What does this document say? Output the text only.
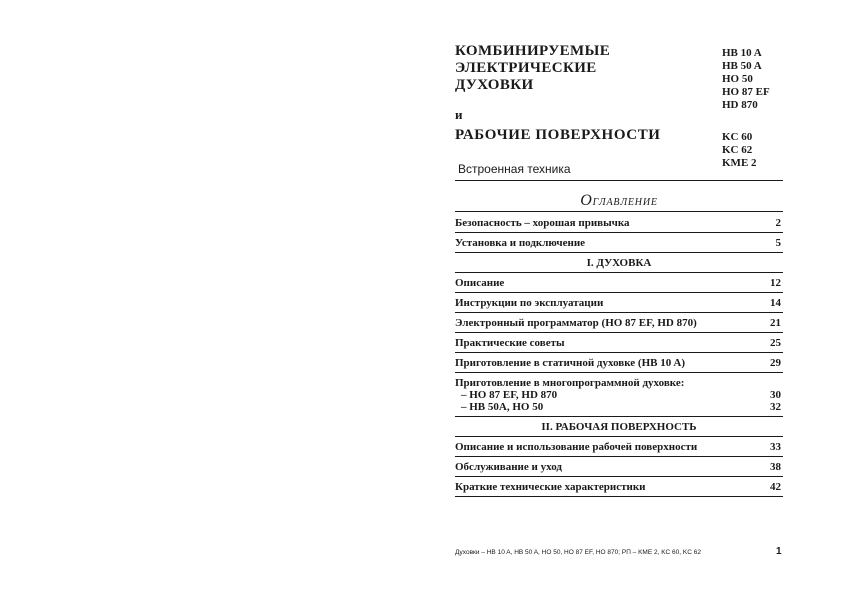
КОМБИНИРУЕМЫЕ
ЭЛЕКТРИЧЕСКИЕ
ДУХОВКИ
и
РАБОЧИЕ ПОВЕРХНОСТИ
Встроенная техника
HB 10 A
HB 50 A
HO 50
HO 87 EF
HD 870
KC 60
KC 62
KME 2
ОГЛАВЛЕНИЕ
Безопасность – хорошая привычка	2
Установка и подключение	5
I. ДУХОВКА
Описание	12
Инструкции по эксплуатации	14
Электронный программатор (HO 87 EF, HD 870)	21
Практические советы	25
Приготовление в статичной духовке (HB 10 A)	29
Приготовление в многопрограммной духовке:
– HO 87 EF, HD 870	30
– HB 50A, HO 50	32
II. РАБОЧАЯ ПОВЕРХНОСТЬ
Описание и использование рабочей поверхности	33
Обслуживание и уход	38
Краткие технические характеристики	42
Духовки – HB 10 A, HB 50 A, HO 50, HO 87 EF, HO 870; РП – KME 2, KC 60, KC 62	1
